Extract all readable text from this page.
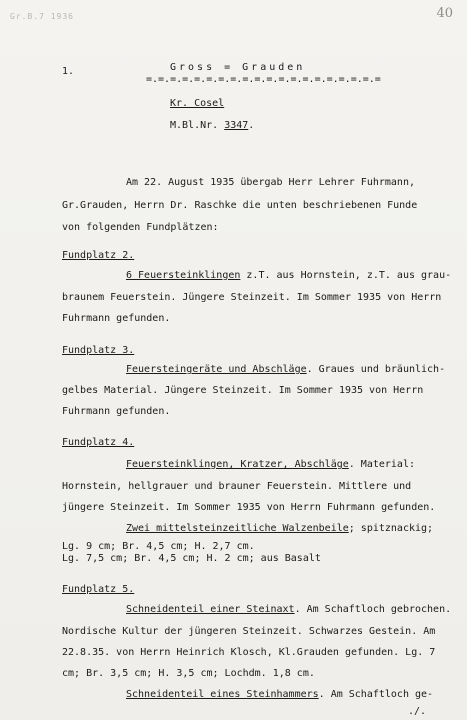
Gr.B.7 1936	40
1.	Gross = Grauden
=.=.=.=.=.=.=.=.=.=.=.=.=.=.=.=.=.=.=.=
Kr. Cosel
M.Bl.Nr. 3347.
Am 22. August 1935 übergab Herr Lehrer Fuhrmann,
Gr.Grauden, Herrn Dr. Raschke die unten beschriebenen Funde
von folgenden Fundplätzen:
Fundplatz 2.
6 Feuersteinklingen z.T. aus Hornstein, z.T. aus grau-
braunem Feuerstein. Jüngere Steinzeit. Im Sommer 1935 von Herrn
Fuhrmann gefunden.
Fundplatz 3.
Feuersteingeräte und Abschläge. Graues und bräunlich-
gelbes Material. Jüngere Steinzeit. Im Sommer 1935 von Herrn
Fuhrmann gefunden.
Fundplatz 4.
Feuersteinklingen, Kratzer, Abschläge. Material:
Hornstein, hellgrauer und brauner Feuerstein. Mittlere und
jüngere Steinzeit. Im Sommer 1935 von Herrn Fuhrmann gefunden.
Zwei mittelsteinzeitliche Walzenbeile; spitznackig;
Lg. 9 cm; Br. 4,5 cm; H. 2,7 cm.
Lg. 7,5 cm; Br. 4,5 cm; H. 2 cm; aus Basalt
Fundplatz 5.
Schneidenteil einer Steinaxt. Am Schaftloch gebrochen.
Nordische Kultur der jüngeren Steinzeit. Schwarzes Gestein. Am
22.8.35. von Herrn Heinrich Klosch, Kl.Grauden gefunden. Lg. 7
cm; Br. 3,5 cm; H. 3,5 cm; Lochdm. 1,8 cm.
Schneidenteil eines Steinhammers. Am Schaftloch ge-
./.
